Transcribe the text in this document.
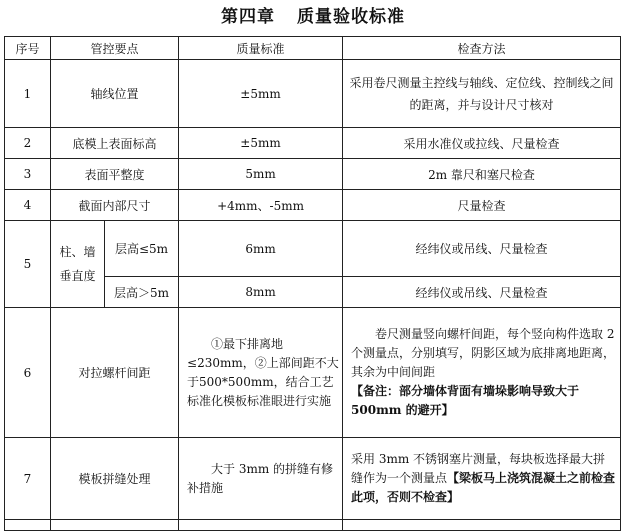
第四章 质量验收标准
序号	管控要点		质量标准	检查方法
1	轴线位置		±5mm	采用卷尺测量主控线与轴线、定位线、控制线之间的距离，并与设计尺寸核对
2	底模上表面标高		±5mm	采用水准仪或拉线、尺量检查
3	表面平整度		5mm	2m 靠尺和塞尺检查
4	截面内部尺寸		+4mm、-5mm	尺量检查
5	柱、墙垂直度	层高≤5m	6mm	经纬仪或吊线、尺量检查
		层高＞5m	8mm	经纬仪或吊线、尺量检查
6	对拉螺杆间距		①最下排离地≤230mm，②上部间距不大于500*500mm，结合工艺标准化模板标准眼进行实施	卷尺测量竖向螺杆间距，每个竖向构件选取 2 个测量点，分别填写，阴影区域为底排离地距离，其余为中间间距
【备注：部分墙体背面有墙垛影响导致大于 500mm 的避开】

7	模板拼缝处理		大于 3mm 的拼缝有修补措施	采用 3mm 不锈钢塞片测量，每块板选择最大拼缝作为一个测量点【梁板马上浇筑混凝土之前检查此项，否则不检查】
